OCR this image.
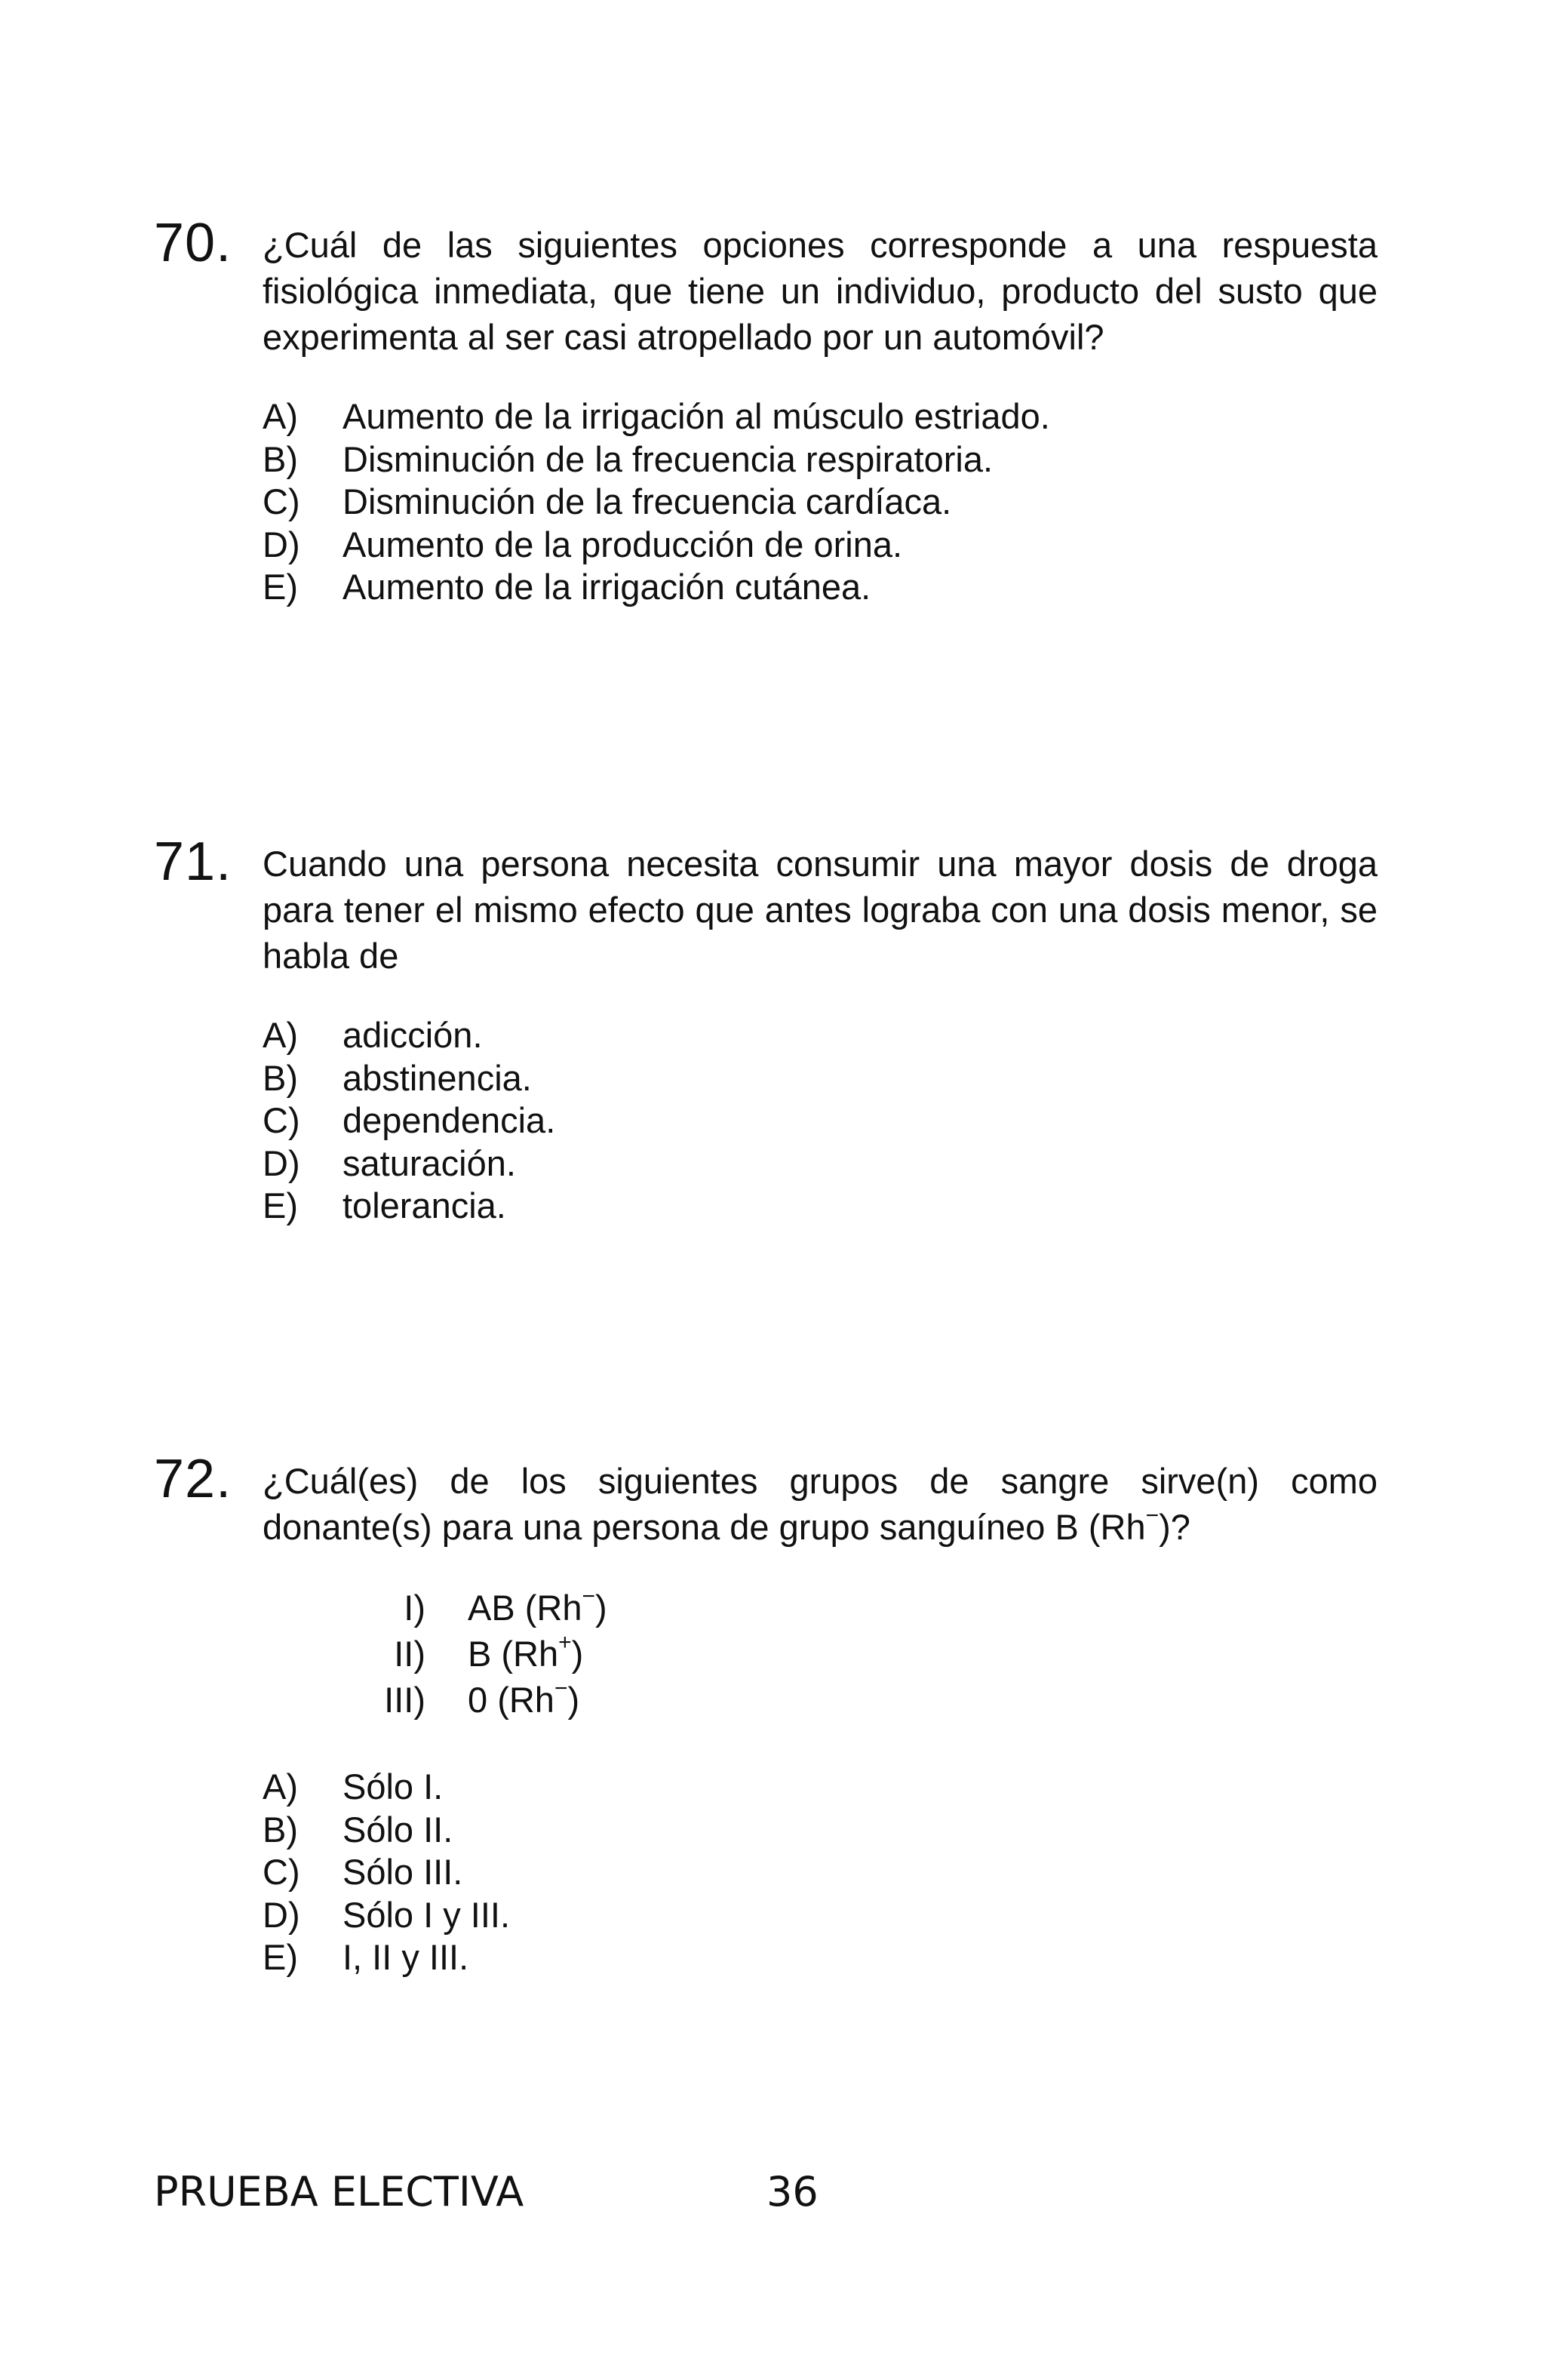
70. ¿Cuál de las siguientes opciones corresponde a una respuesta fisiológica inmediata, que tiene un individuo, producto del susto que experimenta al ser casi atropellado por un automóvil?

A) Aumento de la irrigación al músculo estriado.
B) Disminución de la frecuencia respiratoria.
C) Disminución de la frecuencia cardíaca.
D) Aumento de la producción de orina.
E) Aumento de la irrigación cutánea.
71. Cuando una persona necesita consumir una mayor dosis de droga para tener el mismo efecto que antes lograba con una dosis menor, se habla de

A) adicción.
B) abstinencia.
C) dependencia.
D) saturación.
E) tolerancia.
72. ¿Cuál(es) de los siguientes grupos de sangre sirve(n) como donante(s) para una persona de grupo sanguíneo B (Rh−)?

I) AB (Rh−)
II) B (Rh+)
III) 0 (Rh−)
A) Sólo I.
B) Sólo II.
C) Sólo III.
D) Sólo I y III.
E) I, II y III.
PRUEBA ELECTIVA	36
